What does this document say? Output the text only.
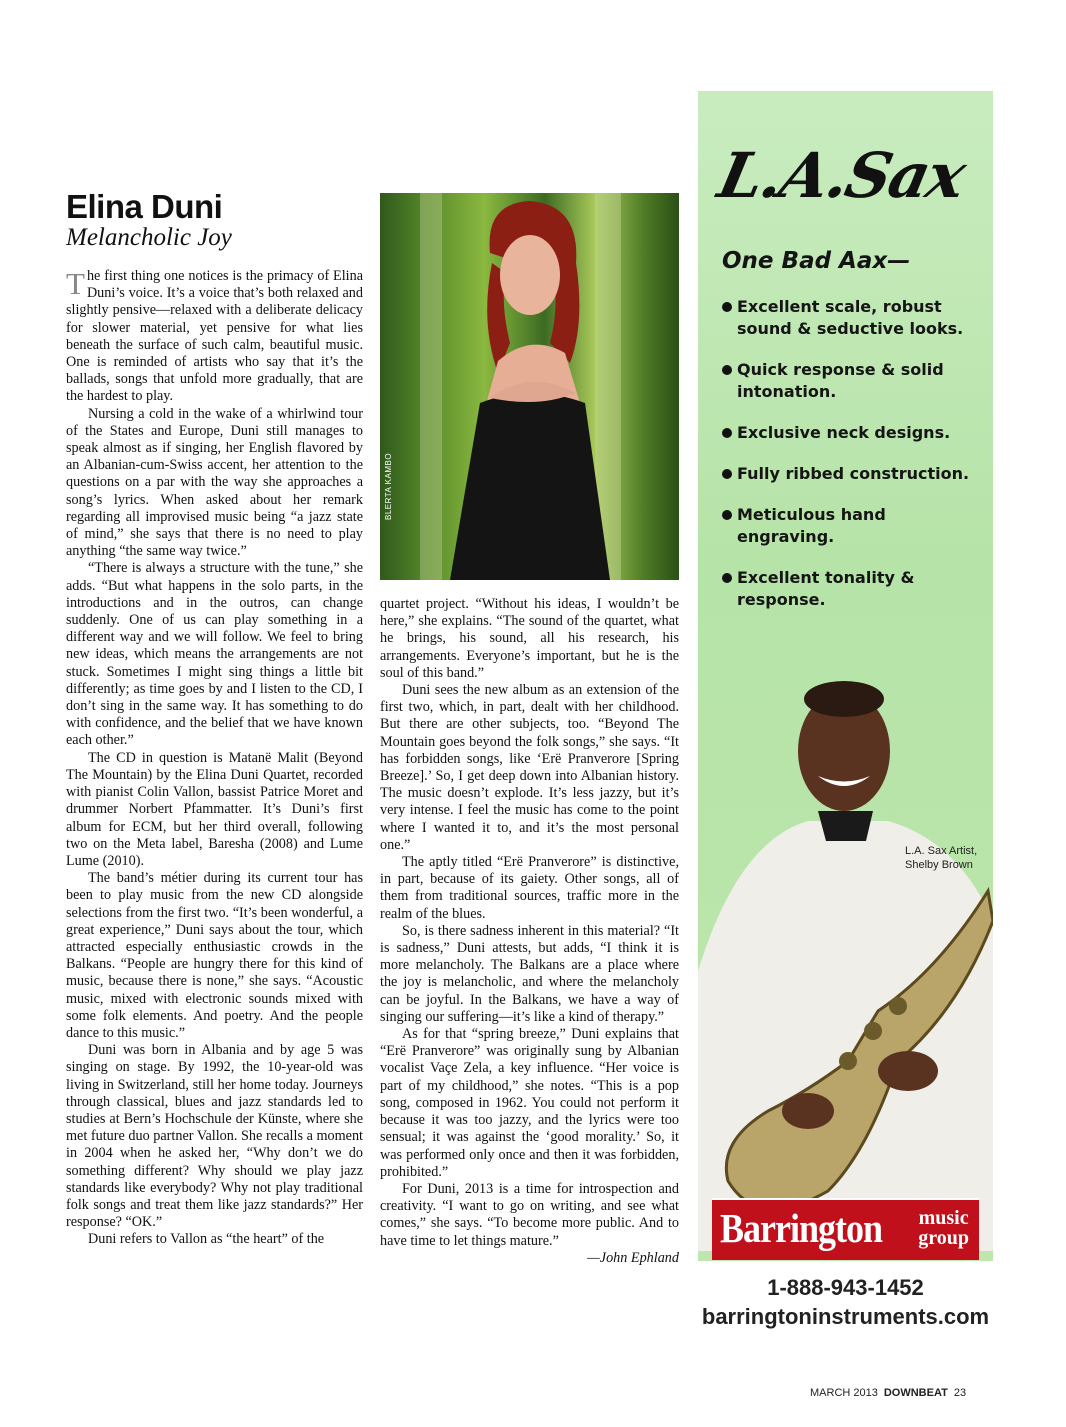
Elina Duni
Melancholic Joy

The first thing one notices is the primacy of Elina Duni’s voice. It’s a voice that’s both relaxed and slightly pensive—relaxed with a deliberate delicacy for slower material, yet pensive for what lies beneath the surface of such calm, beautiful music. One is reminded of artists who say that it’s the ballads, songs that unfold more gradually, that are the hardest to play.

Nursing a cold in the wake of a whirlwind tour of the States and Europe, Duni still manages to speak almost as if singing, her English flavored by an Albanian-cum-Swiss accent, her attention to the questions on a par with the way she approaches a song’s lyrics. When asked about her remark regarding all improvised music being “a jazz state of mind,” she says that there is no need to play anything “the same way twice.”

“There is always a structure with the tune,” she adds. “But what happens in the solo parts, in the introductions and in the outros, can change suddenly. One of us can play something in a different way and we will follow. We feel to bring new ideas, which means the arrangements are not stuck. Sometimes I might sing things a little bit differently; as time goes by and I listen to the CD, I don’t sing in the same way. It has something to do with confidence, and the belief that we have known each other.”

The CD in question is Matanë Malit (Beyond The Mountain) by the Elina Duni Quartet, recorded with pianist Colin Vallon, bassist Patrice Moret and drummer Norbert Pfammatter. It’s Duni’s first album for ECM, but her third overall, following two on the Meta label, Baresha (2008) and Lume Lume (2010).

The band’s métier during its current tour has been to play music from the new CD alongside selections from the first two. “It’s been wonderful, a great experience,” Duni says about the tour, which attracted especially enthusiastic crowds in the Balkans. “People are hungry there for this kind of music, because there is none,” she says. “Acoustic music, mixed with electronic sounds mixed with some folk elements. And poetry. And the people dance to this music.”

Duni was born in Albania and by age 5 was singing on stage. By 1992, the 10-year-old was living in Switzerland, still her home today. Journeys through classical, blues and jazz standards led to studies at Bern’s Hochschule der Künste, where she met future duo partner Vallon. She recalls a moment in 2004 when he asked her, “Why don’t we do something different? Why should we play jazz standards like everybody? Why not play traditional folk songs and treat them like jazz standards?” Her response? “OK.”

Duni refers to Vallon as “the heart” of the

BLERTA KAMBO

quartet project. “Without his ideas, I wouldn’t be here,” she explains. “The sound of the quartet, what he brings, his sound, all his research, his arrangements. Everyone’s important, but he is the soul of this band.”

Duni sees the new album as an extension of the first two, which, in part, dealt with her childhood. But there are other subjects, too. “Beyond The Mountain goes beyond the folk songs,” she says. “It has forbidden songs, like ‘Erë Pranverore [Spring Breeze].’ So, I get deep down into Albanian history. The music doesn’t explode. It’s less jazzy, but it’s very intense. I feel the music has come to the point where I wanted it to, and it’s the most personal one.”

The aptly titled “Erë Pranverore” is distinctive, in part, because of its gaiety. Other songs, all of them from traditional sources, traffic more in the realm of the blues.

So, is there sadness inherent in this material? “It is sadness,” Duni attests, but adds, “I think it is more melancholy. The Balkans are a place where the joy is melancholic, and where the melancholy can be joyful. In the Balkans, we have a way of singing our suffering—it’s like a kind of therapy.”

As for that “spring breeze,” Duni explains that “Erë Pranverore” was originally sung by Albanian vocalist Vaçe Zela, a key influence. “Her voice is part of my childhood,” she notes. “This is a pop song, composed in 1962. You could not perform it because it was too jazzy, and the lyrics were too sensual; it was against the ‘good morality.’ So, it was performed only once and then it was forbidden, prohibited.”

For Duni, 2013 is a time for introspection and creativity. “I want to go on writing, and see what comes,” she says. “To become more public. And to have time to let things mature.”

—John Ephland
L.A.Sax
One Bad Aax—
Excellent scale, robust sound & seductive looks.
Quick response & solid intonation.
Exclusive neck designs.
Fully ribbed construction.
Meticulous hand engraving.
Excellent tonality & response.
L.A. Sax Artist,
Shelby Brown
Barrington music
group
1-888-943-1452
barringtoninstruments.com
MARCH 2013 DOWNBEAT 23
